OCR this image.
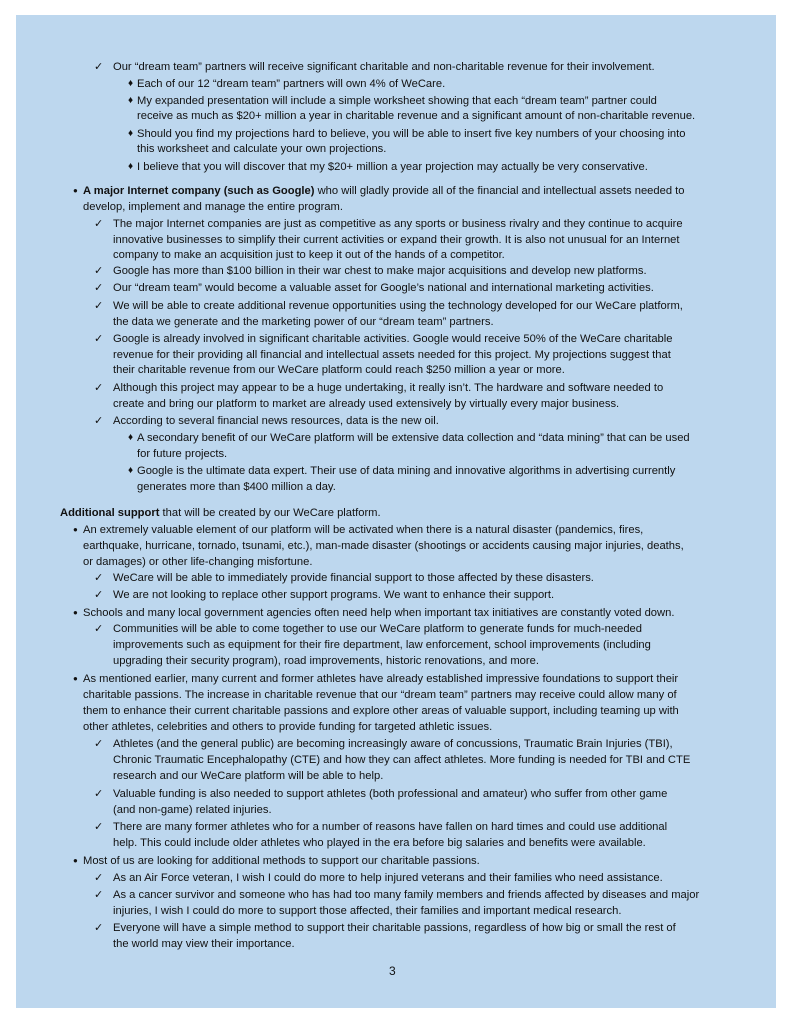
✓ Our “dream team” partners will receive significant charitable and non-charitable revenue for their involvement.
♦ Each of our 12 “dream team” partners will own 4% of WeCare.
♦ My expanded presentation will include a simple worksheet showing that each “dream team” partner could
receive as much as $20+ million a year in charitable revenue and a significant amount of non-charitable revenue.
♦ Should you find my projections hard to believe, you will be able to insert five key numbers of your choosing into
this worksheet and calculate your own projections.
♦ I believe that you will discover that my $20+ million a year projection may actually be very conservative.
● A major Internet company (such as Google) who will gladly provide all of the financial and intellectual assets needed to
develop, implement and manage the entire program.
✓ The major Internet companies are just as competitive as any sports or business rivalry and they continue to acquire
innovative businesses to simplify their current activities or expand their growth. It is also not unusual for an Internet
company to make an acquisition just to keep it out of the hands of a competitor.
✓ Google has more than $100 billion in their war chest to make major acquisitions and develop new platforms.
✓ Our “dream team” would become a valuable asset for Google’s national and international marketing activities.
✓ We will be able to create additional revenue opportunities using the technology developed for our WeCare platform,
the data we generate and the marketing power of our “dream team” partners.
✓ Google is already involved in significant charitable activities. Google would receive 50% of the WeCare charitable
revenue for their providing all financial and intellectual assets needed for this project. My projections suggest that
their charitable revenue from our WeCare platform could reach $250 million a year or more.
✓ Although this project may appear to be a huge undertaking, it really isn’t. The hardware and software needed to
create and bring our platform to market are already used extensively by virtually every major business.
✓ According to several financial news resources, data is the new oil.
♦ A secondary benefit of our WeCare platform will be extensive data collection and “data mining” that can be used
for future projects.
♦ Google is the ultimate data expert. Their use of data mining and innovative algorithms in advertising currently
generates more than $400 million a day.
Additional support that will be created by our WeCare platform.
● An extremely valuable element of our platform will be activated when there is a natural disaster (pandemics, fires,
earthquake, hurricane, tornado, tsunami, etc.), man-made disaster (shootings or accidents causing major injuries, deaths,
or damages) or other life-changing misfortune.
✓ WeCare will be able to immediately provide financial support to those affected by these disasters.
✓ We are not looking to replace other support programs. We want to enhance their support.
● Schools and many local government agencies often need help when important tax initiatives are constantly voted down.
✓ Communities will be able to come together to use our WeCare platform to generate funds for much-needed
improvements such as equipment for their fire department, law enforcement, school improvements (including
upgrading their security program), road improvements, historic renovations, and more.
● As mentioned earlier, many current and former athletes have already established impressive foundations to support their
charitable passions. The increase in charitable revenue that our “dream team” partners may receive could allow many of
them to enhance their current charitable passions and explore other areas of valuable support, including teaming up with
other athletes, celebrities and others to provide funding for targeted athletic issues.
✓ Athletes (and the general public) are becoming increasingly aware of concussions, Traumatic Brain Injuries (TBI),
Chronic Traumatic Encephalopathy (CTE) and how they can affect athletes. More funding is needed for TBI and CTE
research and our WeCare platform will be able to help.
✓ Valuable funding is also needed to support athletes (both professional and amateur) who suffer from other game
(and non-game) related injuries.
✓ There are many former athletes who for a number of reasons have fallen on hard times and could use additional
help. This could include older athletes who played in the era before big salaries and benefits were available.
● Most of us are looking for additional methods to support our charitable passions.
✓ As an Air Force veteran, I wish I could do more to help injured veterans and their families who need assistance.
✓ As a cancer survivor and someone who has had too many family members and friends affected by diseases and major
injuries, I wish I could do more to support those affected, their families and important medical research.
✓ Everyone will have a simple method to support their charitable passions, regardless of how big or small the rest of
the world may view their importance.
3
